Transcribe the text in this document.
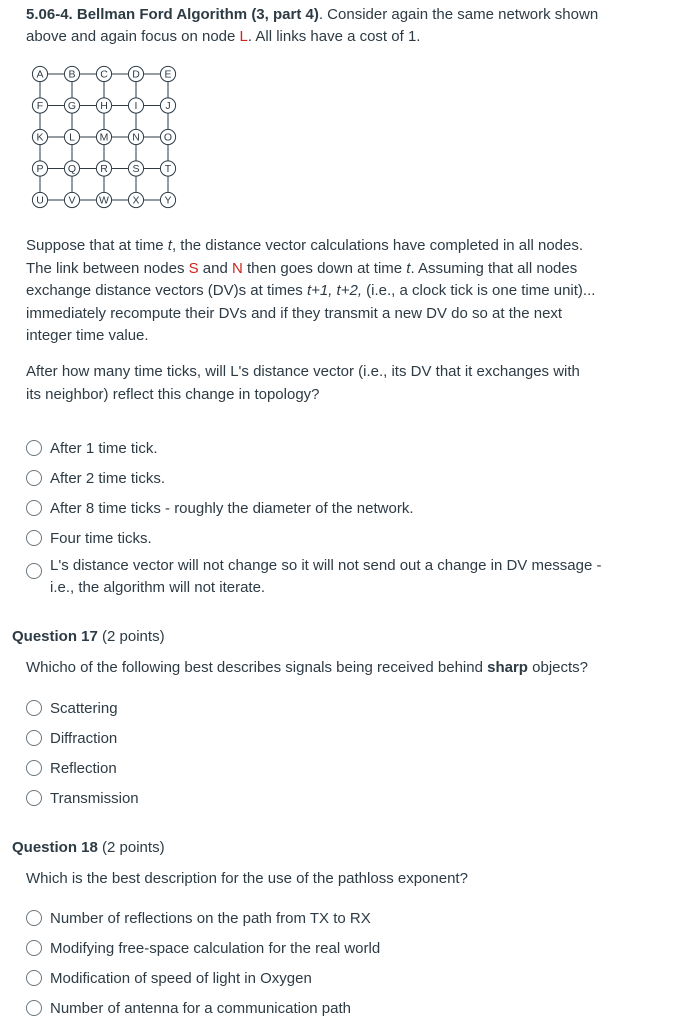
5.06-4. Bellman Ford Algorithm (3, part 4). Consider again the same network shown
above and again focus on node L. All links have a cost of 1.
A B C D E
F G H	I	J
K L M N O
P Q R S T
U V W X Y
Suppose that at time t, the distance vector calculations have completed in all nodes.
The link between nodes S and N then goes down at time t. Assuming that all nodes
exchange distance vectors (DV)s at times t+1, t+2, (i.e., a clock tick is one time unit)...
immediately recompute their DVs and if they transmit a new DV do so at the next
integer time value.
After how many time ticks, will L's distance vector (i.e., its DV that it exchanges with
its neighbor) reflect this change in topology?
After 1 time tick.
After 2 time ticks.
After 8 time ticks - roughly the diameter of the network.
Four time ticks.
L's distance vector will not change so it will not send out a change in DV message - i.e., the algorithm will not iterate.
Question 17 (2 points)
Whicho of the following best describes signals being received behind sharp objects?
Scattering
Diffraction
Reflection
Transmission
Question 18 (2 points)
Which is the best description for the use of the pathloss exponent?
Number of reflections on the path from TX to RX
Modifying free-space calculation for the real world
Modification of speed of light in Oxygen
Number of antenna for a communication path
